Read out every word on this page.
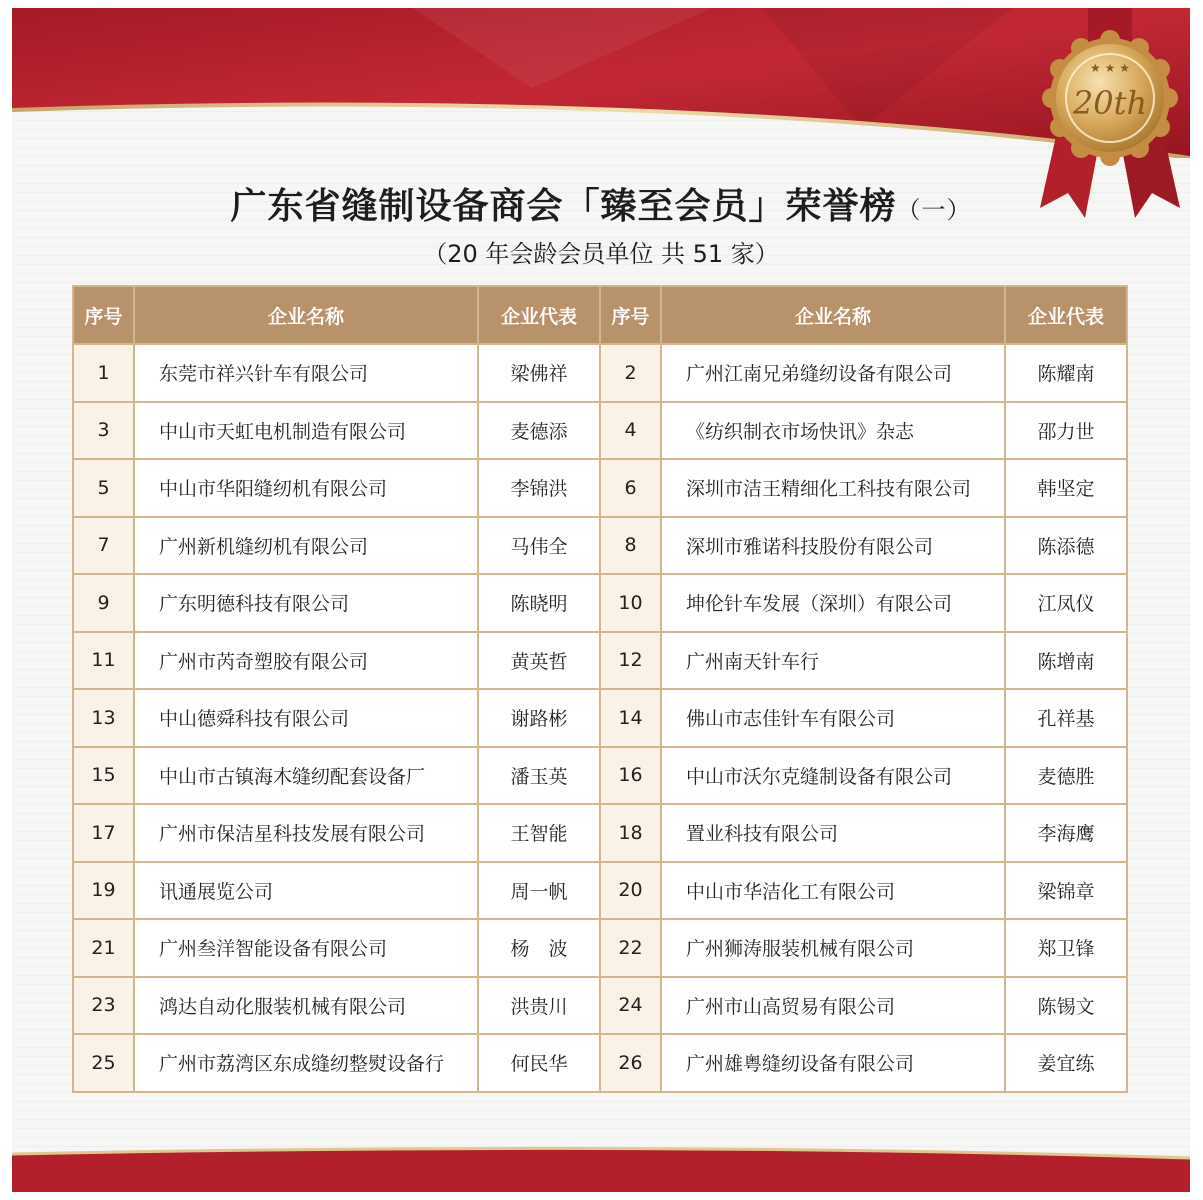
★ ★ ★
20th
广东省缝制设备商会「臻至会员」荣誉榜（一）
（20 年会龄会员单位 共 51 家）
序号	企业名称	企业代表	序号	企业名称	企业代表
1	东莞市祥兴针车有限公司	梁佛祥	2	广州江南兄弟缝纫设备有限公司	陈耀南
3	中山市天虹电机制造有限公司	麦德添	4	《纺织制衣市场快讯》杂志	邵力世
5	中山市华阳缝纫机有限公司	李锦洪	6	深圳市洁王精细化工科技有限公司	韩坚定
7	广州新机缝纫机有限公司	马伟全	8	深圳市雅诺科技股份有限公司	陈添德
9	广东明德科技有限公司	陈晓明	10	坤伦针车发展（深圳）有限公司	江凤仪
11	广州市芮奇塑胶有限公司	黄英哲	12	广州南天针车行	陈增南
13	中山德舜科技有限公司	谢路彬	14	佛山市志佳针车有限公司	孔祥基
15	中山市古镇海木缝纫配套设备厂	潘玉英	16	中山市沃尔克缝制设备有限公司	麦德胜
17	广州市保洁星科技发展有限公司	王智能	18	置业科技有限公司	李海鹰
19	讯通展览公司	周一帆	20	中山市华洁化工有限公司	梁锦章
21	广州叁洋智能设备有限公司	杨　波	22	广州狮涛服装机械有限公司	郑卫锋
23	鸿达自动化服装机械有限公司	洪贵川	24	广州市山高贸易有限公司	陈锡文
25	广州市荔湾区东成缝纫整熨设备行	何民华	26	广州雄粤缝纫设备有限公司	姜宜练
